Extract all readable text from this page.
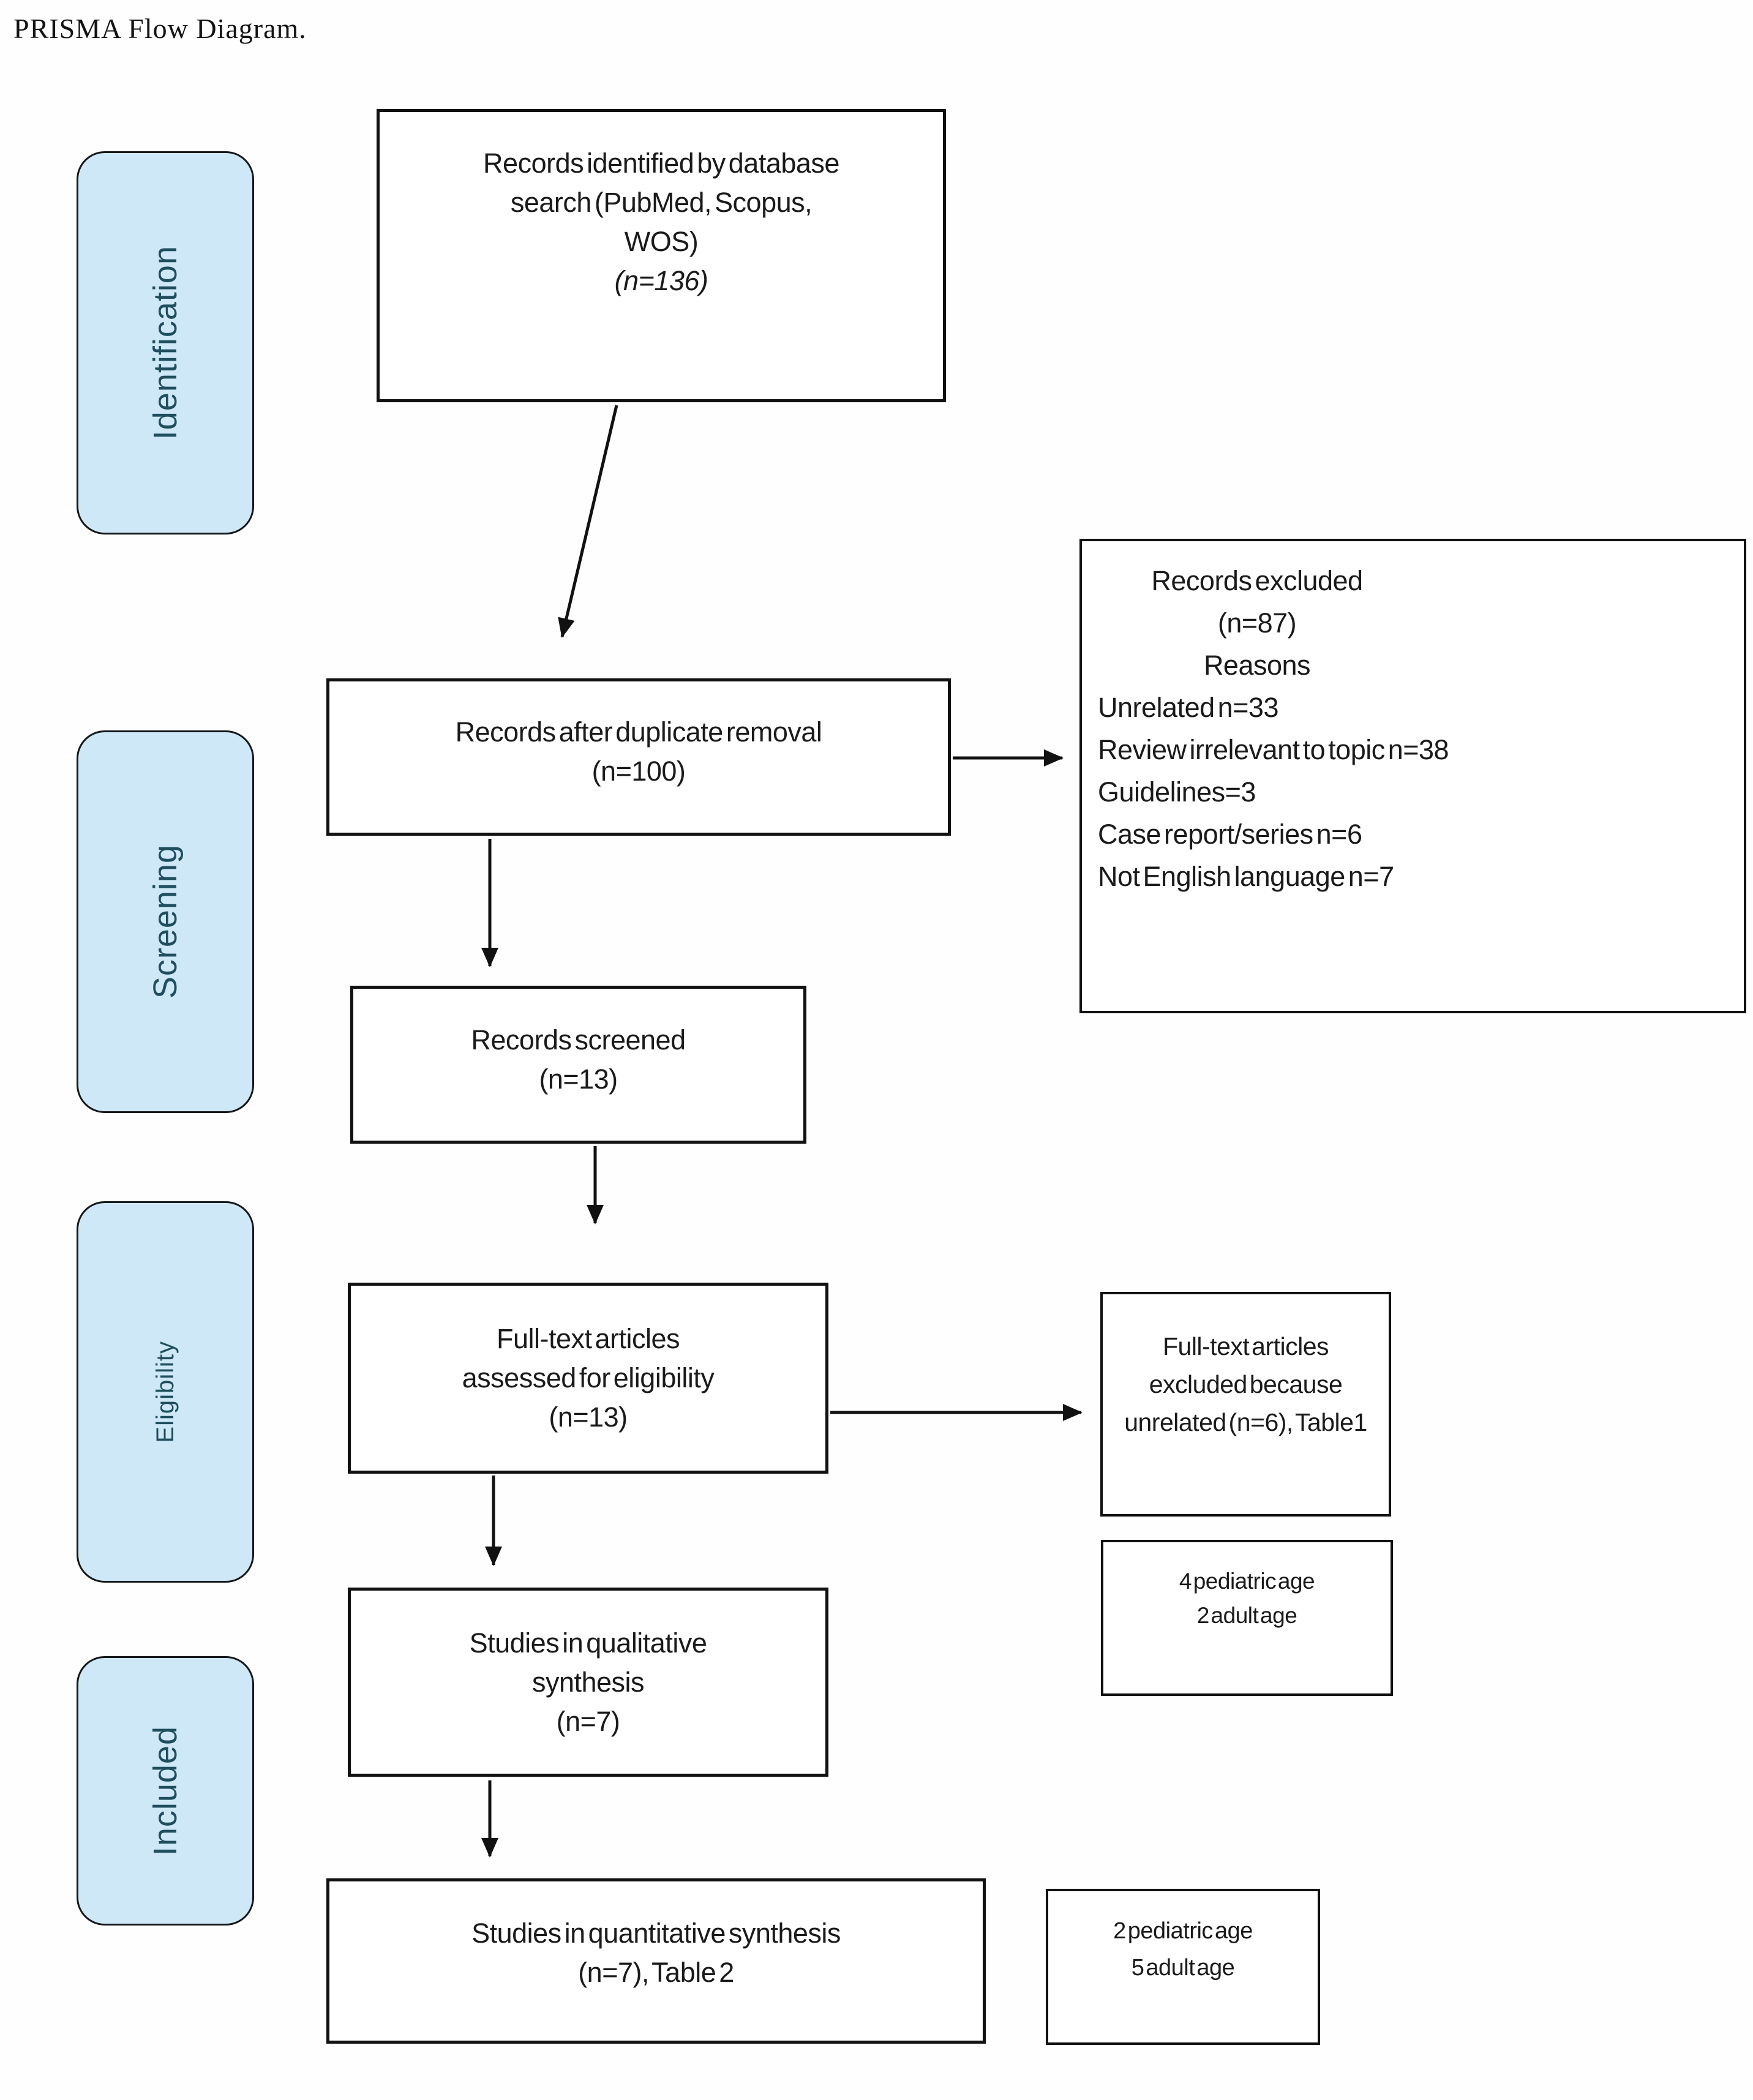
PRISMA Flow Diagram.
Identification
Screening
Eligibility
Included
Records identified by database
search (PubMed, Scopus,
WOS)
(n=136)
Records after duplicate removal
(n=100)
Records excluded
(n=87)
Reasons
Unrelated n=33
Review irrelevant to topic n=38
Guidelines=3
Case report/series n=6
Not English language n=7
Records screened
(n=13)
Full-text articles
assessed for eligibility
(n=13)
Full-text articles
excluded because
unrelated (n=6), Table1
4 pediatric age
2 adult age
Studies in qualitative
synthesis
(n=7)
Studies in quantitative synthesis
(n=7), Table 2
2 pediatric age
5 adult age
